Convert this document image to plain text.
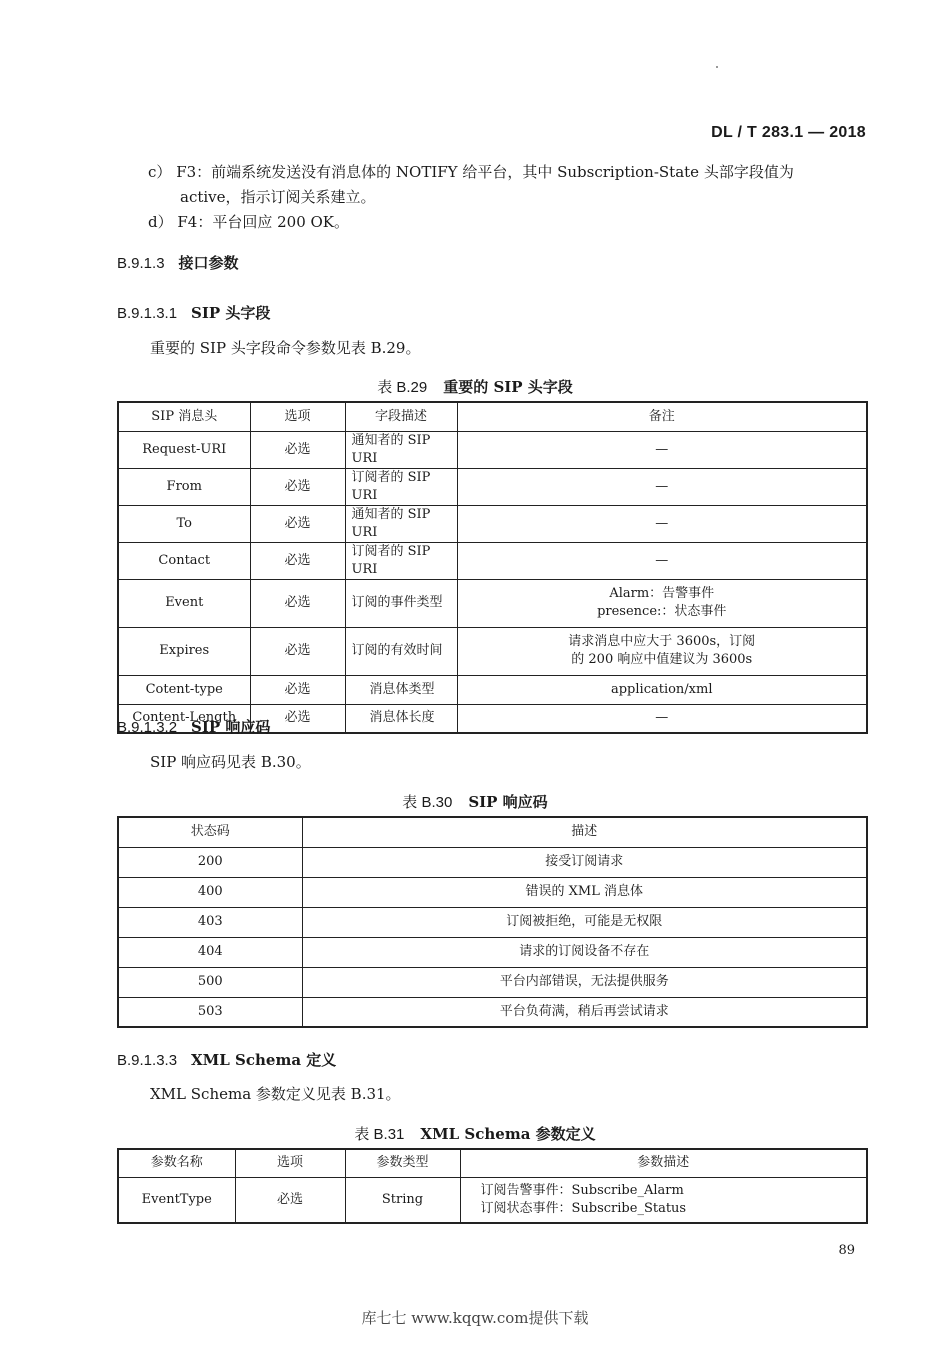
DL / T 283.1 — 2018
c） F3：前端系统发送没有消息体的 NOTIFY 给平台，其中 Subscription-State 头部字段值为
active，指示订阅关系建立。
d） F4：平台回应 200 OK。
B.9.1.3 接口参数
B.9.1.3.1 SIP 头字段
重要的 SIP 头字段命令参数见表 B.29。
表 B.29 重要的 SIP 头字段
SIP 消息头	选项	字段描述	备注
Request-URI	必选	通知者的 SIP URI	—
From	必选	订阅者的 SIP URI	—
To	必选	通知者的 SIP URI	—
Contact	必选	订阅者的 SIP URI	—
Event	必选	订阅的事件类型	Alarm：告警事件
presence:：状态事件

Expires	必选	订阅的有效时间	请求消息中应大于 3600s，订阅
的 200 响应中值建议为 3600s

Cotent-type	必选	消息体类型	application/xml
Content-Length	必选	消息体长度	—
B.9.1.3.2 SIP 响应码
SIP 响应码见表 B.30。
表 B.30 SIP 响应码
状态码	描述
200	接受订阅请求
400	错误的 XML 消息体
403	订阅被拒绝，可能是无权限
404	请求的订阅设备不存在
500	平台内部错误，无法提供服务
503	平台负荷满，稍后再尝试请求
B.9.1.3.3 XML Schema 定义
XML Schema 参数定义见表 B.31。
表 B.31 XML Schema 参数定义
参数名称	选项	参数类型	参数描述
EventType	必选	String	订阅告警事件：Subscribe_Alarm
订阅状态事件：Subscribe_Status
89
库七七 www.kqqw.com提供下载
